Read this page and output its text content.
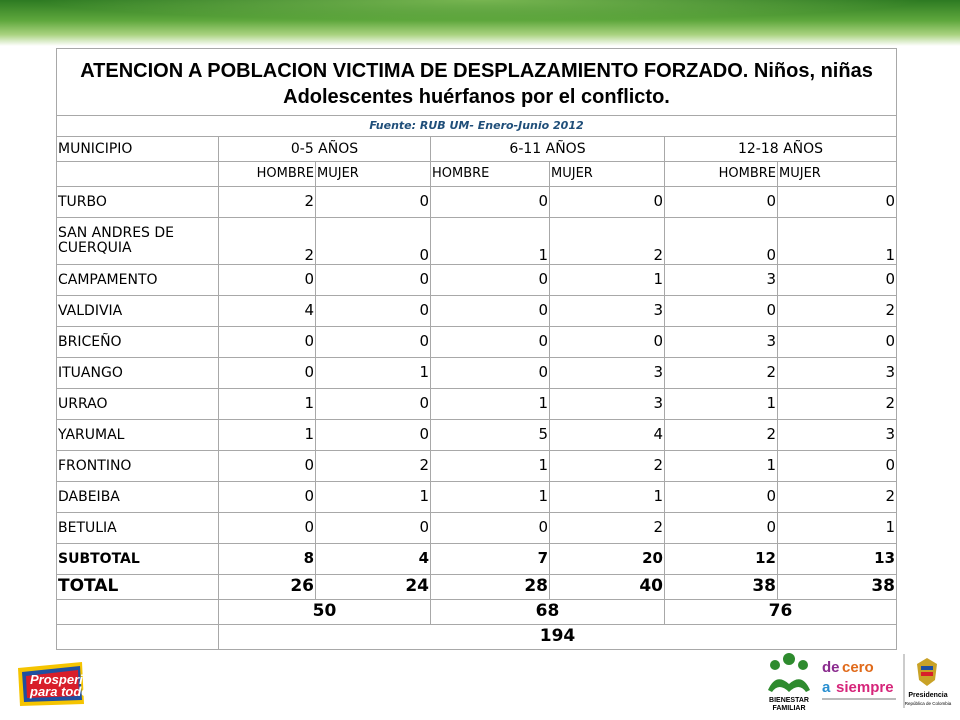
ATENCION A POBLACION VICTIMA DE DESPLAZAMIENTO FORZADO. Niños, niñas Adolescentes huérfanos por el conflicto.						

Fuente: RUB UM- Enero-Junio 2012						
MUNICIPIO	0-5 AÑOS		6-11 AÑOS		12-18 AÑOS	
	HOMBRE	MUJER	HOMBRE	MUJER	HOMBRE	MUJER
TURBO	2	0	0	0	0	0
SAN ANDRES DE CUERQUIA	2	0	1	2	0	1
CAMPAMENTO	0	0	0	1	3	0
VALDIVIA	4	0	0	3	0	2
BRICEÑO	0	0	0	0	3	0
ITUANGO	0	1	0	3	2	3
URRAO	1	0	1	3	1	2
YARUMAL	1	0	5	4	2	3
FRONTINO	0	2	1	2	1	0
DABEIBA	0	1	1	1	0	2
BETULIA	0	0	0	2	0	1
SUBTOTAL	8	4	7	20	12	13
TOTAL	26	24	28	40	38	38
	50		68		76	
	194					
Prosperidad
para todos
BIENESTAR
FAMILIAR
de cero
a siempre Presidencia
República de Colombia
